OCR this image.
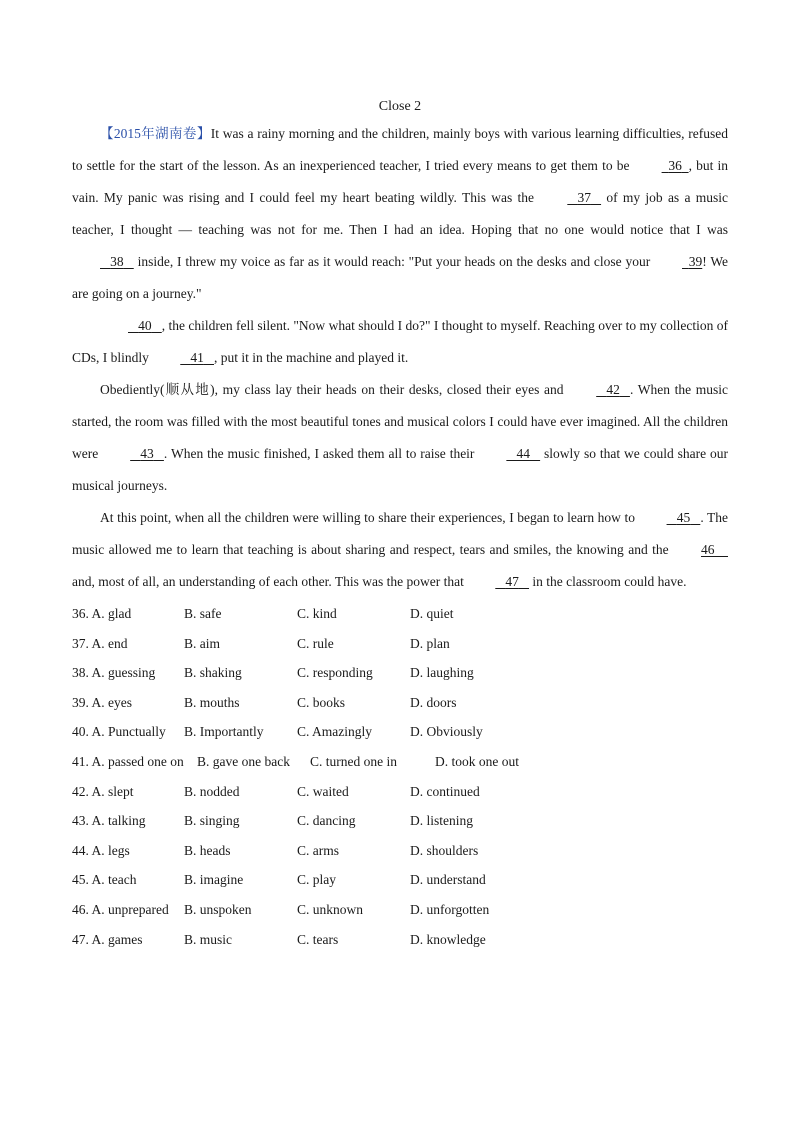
Close 2

【2015年湖南卷】It was a rainy morning and the children, mainly boys with various learning difficulties, refused to settle for the start of the lesson. As an inexperienced teacher, I tried every means to get them to be	36 , but in vain. My panic was rising and I could feel my heart beating wildly. This was the	37    of my job as a music teacher, I thought — teaching was not for me. Then I had an idea. Hoping that no one would notice that I was    38    inside, I threw my voice as far as it would reach: "Put your heads on the desks and close your	39! We are going on a journey."

40 , the children fell silent. "Now what should I do?" I thought to myself. Reaching over to my collection of CDs, I blindly	41 , put it in the machine and played it.

Obediently(顺从地), my class lay their heads on their desks, closed their eyes and	42 . When the music started, the room was filled with the most beautiful tones and musical colors I could have ever imagined. All the children were	43 . When the music finished, I asked them all to raise their	44    slowly so that we could share our musical journeys.

At this point, when all the children were willing to share their experiences, I began to learn how to	45 . The music allowed me to learn that teaching is about sharing and respect, tears and smiles, the knowing and the 46     and, most of all, an understanding of each other. This was the power that	47    in the classroom could have.

36. A. glad	B. safe	C. kind	D. quiet
37. A. end	B. aim	C. rule	D. plan
38. A. guessing	B. shaking	C. responding	D. laughing
39. A. eyes	B. mouths	C. books	D. doors
40. A. Punctually	B. Importantly	C. Amazingly	D. Obviously
41. A. passed one on B. gave one back	C. turned one in	D. took one out
42. A. slept	B. nodded	C. waited	D. continued
43. A. talking	B. singing	C. dancing	D. listening
44. A. legs	B. heads	C. arms	D. shoulders
45. A. teach	B. imagine	C. play	D. understand
46. A. unprepared	B. unspoken	C. unknown	D. unforgotten
47. A. games	B. music	C. tears	D. knowledge
